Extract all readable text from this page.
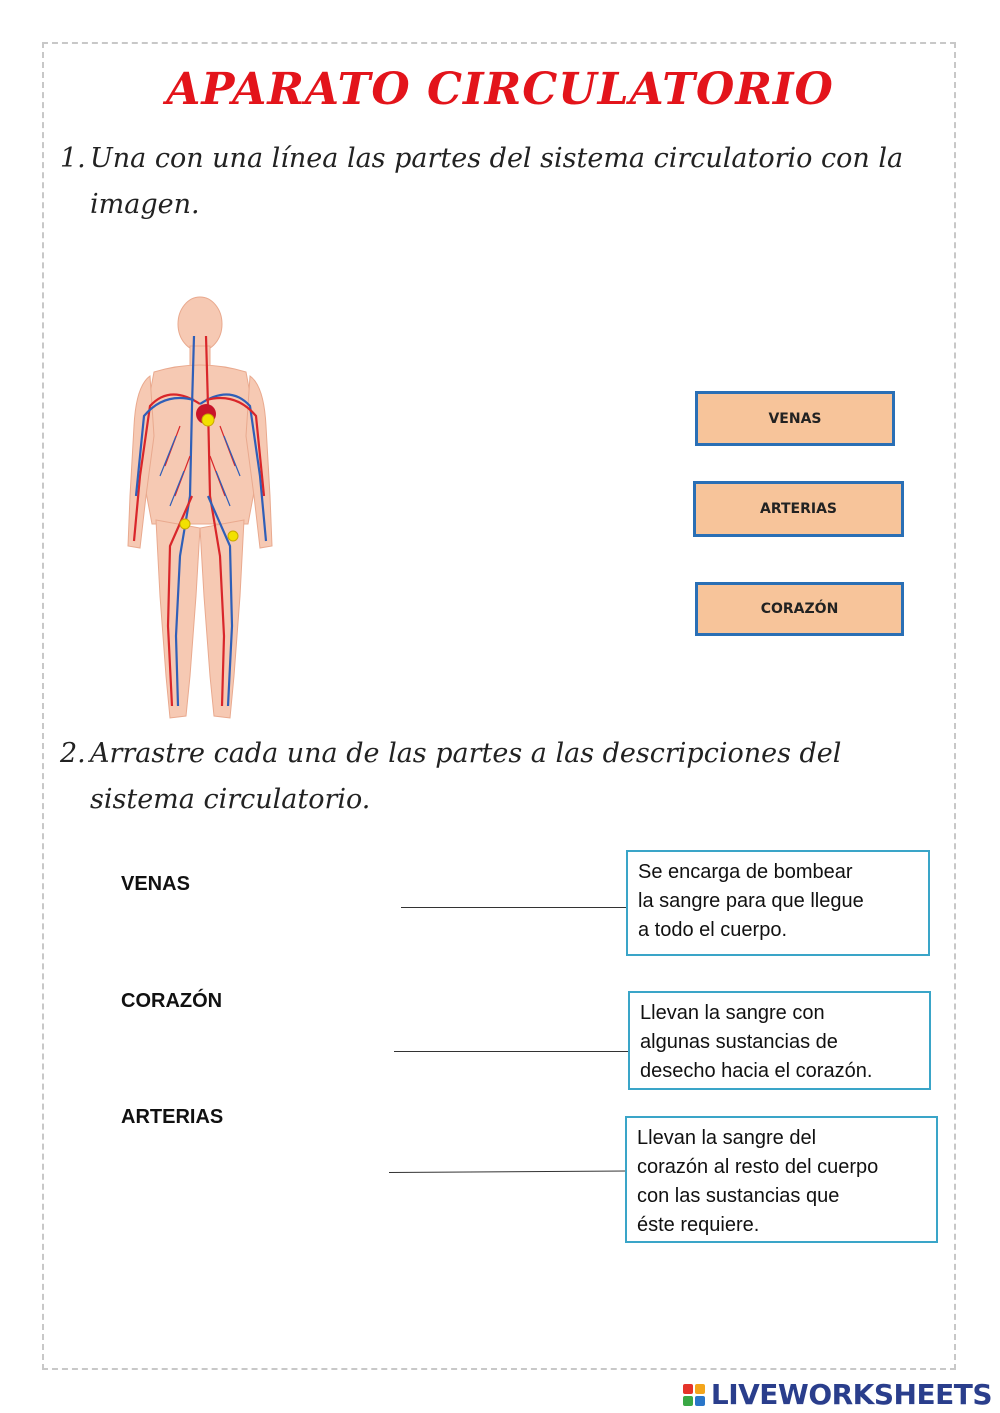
APARATO CIRCULATORIO
1. Una con una línea las partes del sistema circulatorio con la
imagen.
VENAS
ARTERIAS
CORAZÓN
2. Arrastre cada una de las partes a las descripciones del
sistema circulatorio.
VENAS
CORAZÓN
ARTERIAS
Se encarga de bombear
la sangre para que llegue
a todo el cuerpo.
Llevan la sangre con
algunas sustancias de
desecho hacia el corazón.
Llevan la sangre del
corazón al resto del cuerpo
con las sustancias que
éste requiere.
LIVEWORKSHEETS
